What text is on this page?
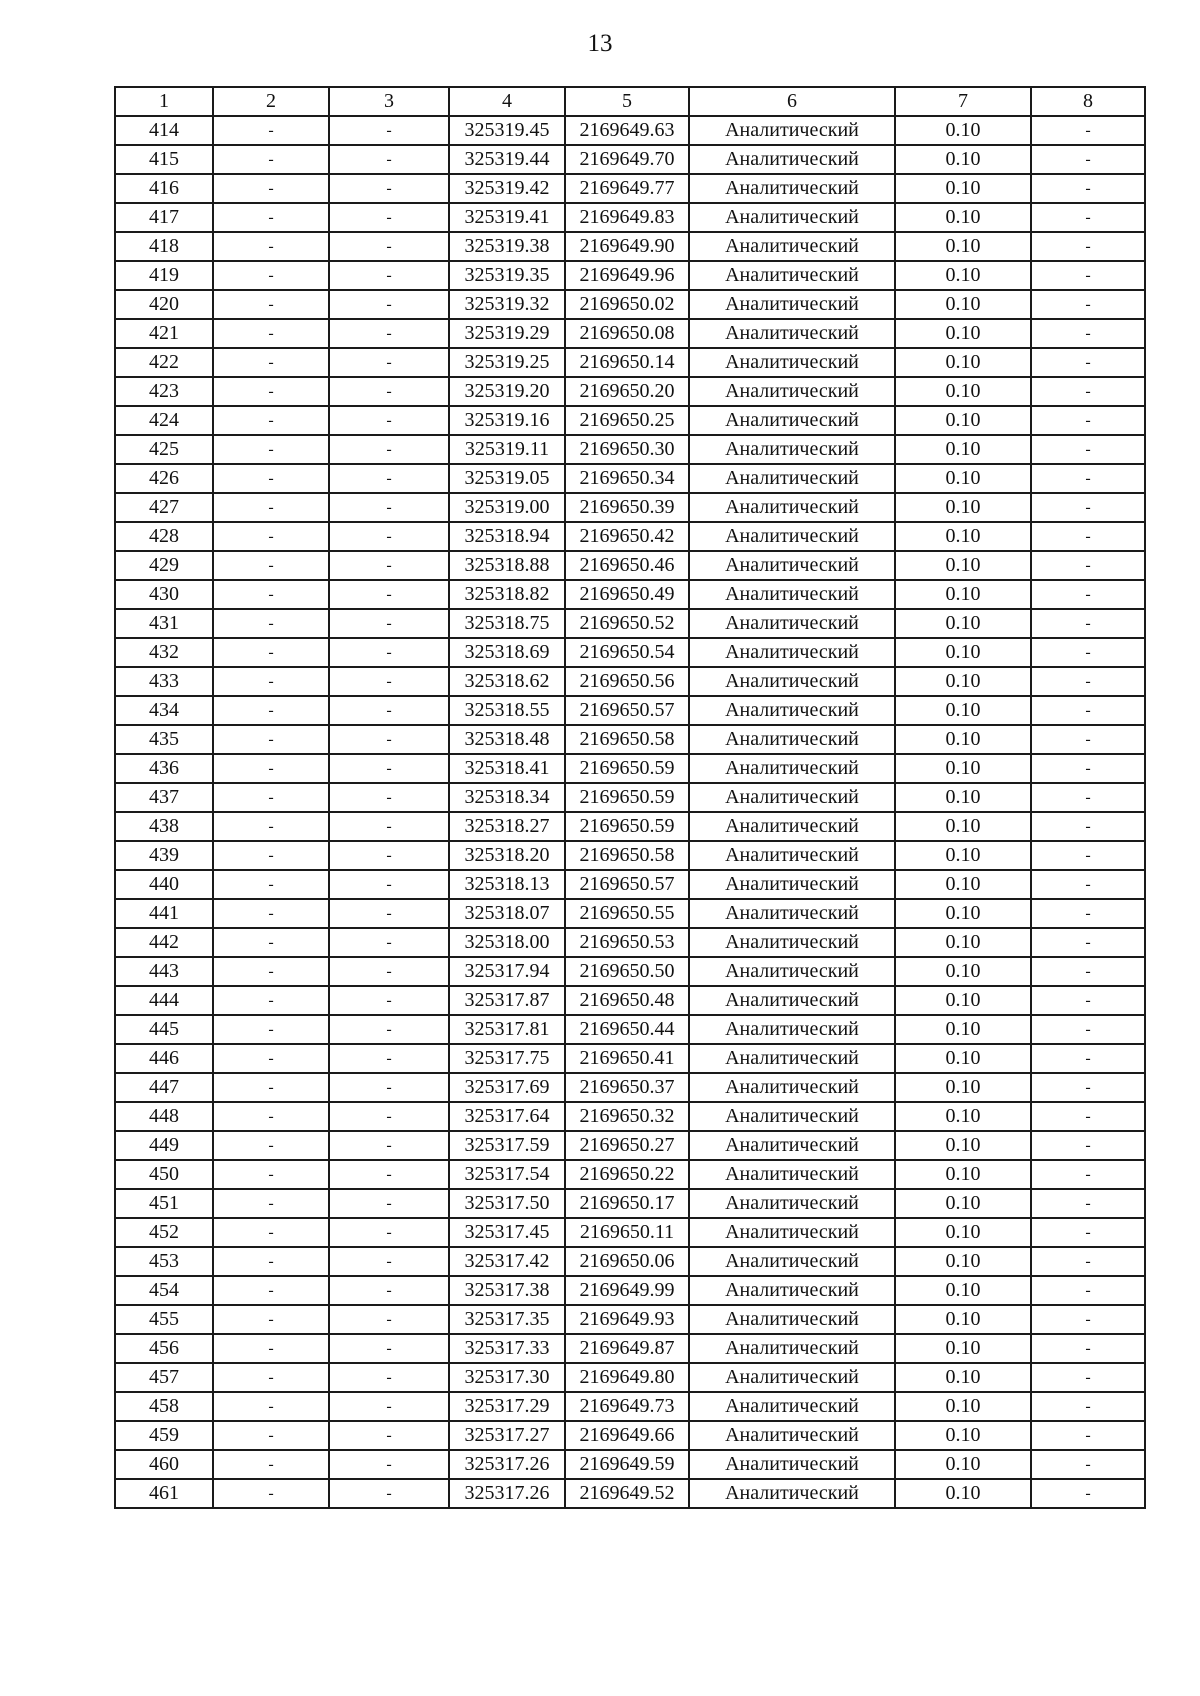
13
1	2	3	4	5	6	7	8
414	-	-	325319.45	2169649.63	Аналитический	0.10	-
415	-	-	325319.44	2169649.70	Аналитический	0.10	-
416	-	-	325319.42	2169649.77	Аналитический	0.10	-
417	-	-	325319.41	2169649.83	Аналитический	0.10	-
418	-	-	325319.38	2169649.90	Аналитический	0.10	-
419	-	-	325319.35	2169649.96	Аналитический	0.10	-
420	-	-	325319.32	2169650.02	Аналитический	0.10	-
421	-	-	325319.29	2169650.08	Аналитический	0.10	-
422	-	-	325319.25	2169650.14	Аналитический	0.10	-
423	-	-	325319.20	2169650.20	Аналитический	0.10	-
424	-	-	325319.16	2169650.25	Аналитический	0.10	-
425	-	-	325319.11	2169650.30	Аналитический	0.10	-
426	-	-	325319.05	2169650.34	Аналитический	0.10	-
427	-	-	325319.00	2169650.39	Аналитический	0.10	-
428	-	-	325318.94	2169650.42	Аналитический	0.10	-
429	-	-	325318.88	2169650.46	Аналитический	0.10	-
430	-	-	325318.82	2169650.49	Аналитический	0.10	-
431	-	-	325318.75	2169650.52	Аналитический	0.10	-
432	-	-	325318.69	2169650.54	Аналитический	0.10	-
433	-	-	325318.62	2169650.56	Аналитический	0.10	-
434	-	-	325318.55	2169650.57	Аналитический	0.10	-
435	-	-	325318.48	2169650.58	Аналитический	0.10	-
436	-	-	325318.41	2169650.59	Аналитический	0.10	-
437	-	-	325318.34	2169650.59	Аналитический	0.10	-
438	-	-	325318.27	2169650.59	Аналитический	0.10	-
439	-	-	325318.20	2169650.58	Аналитический	0.10	-
440	-	-	325318.13	2169650.57	Аналитический	0.10	-
441	-	-	325318.07	2169650.55	Аналитический	0.10	-
442	-	-	325318.00	2169650.53	Аналитический	0.10	-
443	-	-	325317.94	2169650.50	Аналитический	0.10	-
444	-	-	325317.87	2169650.48	Аналитический	0.10	-
445	-	-	325317.81	2169650.44	Аналитический	0.10	-
446	-	-	325317.75	2169650.41	Аналитический	0.10	-
447	-	-	325317.69	2169650.37	Аналитический	0.10	-
448	-	-	325317.64	2169650.32	Аналитический	0.10	-
449	-	-	325317.59	2169650.27	Аналитический	0.10	-
450	-	-	325317.54	2169650.22	Аналитический	0.10	-
451	-	-	325317.50	2169650.17	Аналитический	0.10	-
452	-	-	325317.45	2169650.11	Аналитический	0.10	-
453	-	-	325317.42	2169650.06	Аналитический	0.10	-
454	-	-	325317.38	2169649.99	Аналитический	0.10	-
455	-	-	325317.35	2169649.93	Аналитический	0.10	-
456	-	-	325317.33	2169649.87	Аналитический	0.10	-
457	-	-	325317.30	2169649.80	Аналитический	0.10	-
458	-	-	325317.29	2169649.73	Аналитический	0.10	-
459	-	-	325317.27	2169649.66	Аналитический	0.10	-
460	-	-	325317.26	2169649.59	Аналитический	0.10	-
461	-	-	325317.26	2169649.52	Аналитический	0.10	-
